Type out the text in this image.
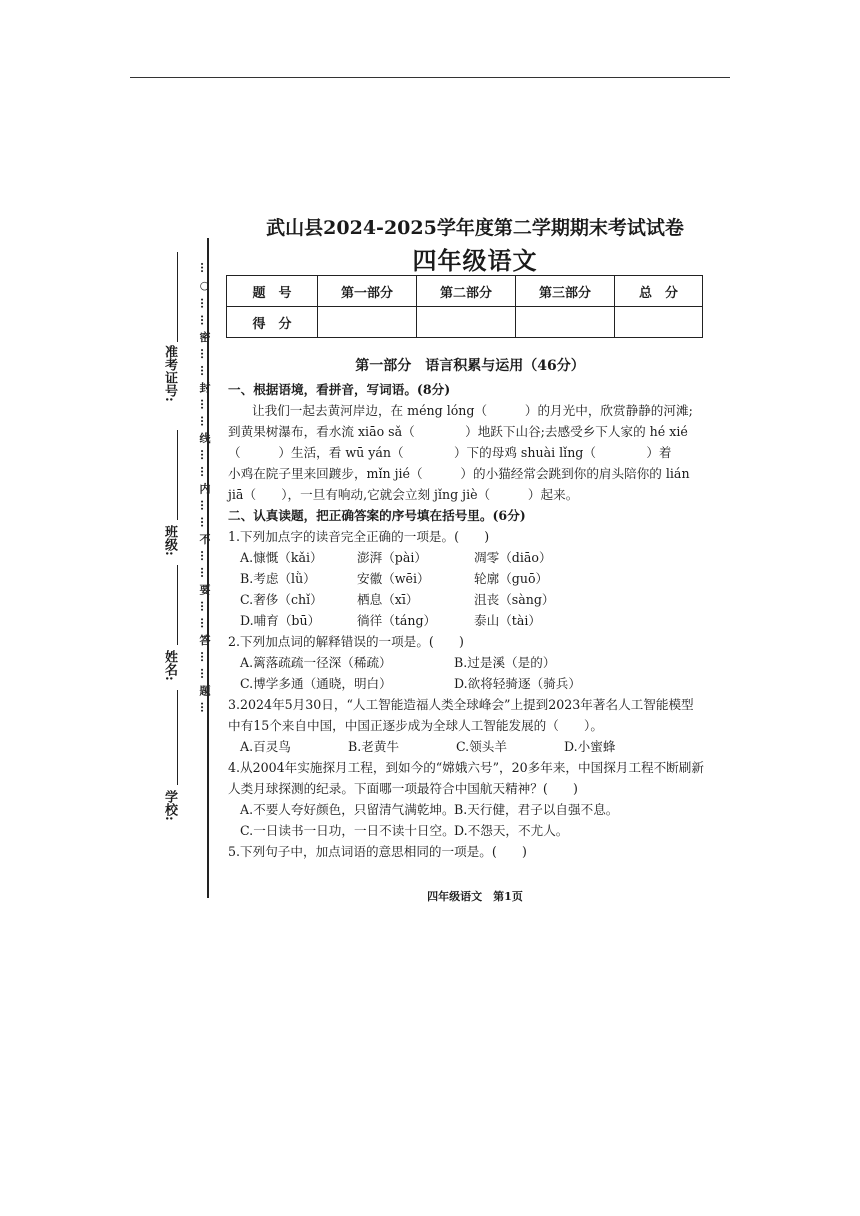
… ○ … … 密 … … 封 … … 线 … … 内 … … 不 … … 要 … … 答 … … 题 …
准考证号:
班级:
姓名:
学校:
武山县2024-2025学年度第二学期期末考试试卷
四年级语文
题　号	第一部分	第二部分	第三部分	总　分
得　分				

第一部分　语言积累与运用（46分）

一、根据语境，看拼音，写词语。(8分)

让我们一起去黄河岸边，在 méng lóng（　　　）的月光中，欣赏静静的河滩;

到黄果树瀑布，看水流 xiāo sǎ（　　　　）地跃下山谷;去感受乡下人家的 hé xié

（　　　）生活，看 wū yán（　　　　）下的母鸡 shuài lǐng（　　　　）着

小鸡在院子里来回踱步，mǐn jié（　　　）的小猫经常会跳到你的肩头陪你的 lián

jiā（　　），一旦有响动,它就会立刻 jǐng jiè（　　　）起来。

二、认真读题，把正确答案的序号填在括号里。(6分)

1.下列加点字的读音完全正确的一项是。(　　)

A.慷慨（kǎi）	澎湃（pài）	凋零（diāo）

B.考虑（lǜ）	安徽（wēi）	轮廓（guō）

C.奢侈（chǐ）	栖息（xī）	沮丧（sàng）

D.哺育（bū）	徜徉（táng）	泰山（tài）

2.下列加点词的解释错误的一项是。(　　)

A.篱落疏疏一径深（稀疏）	B.过是溪（是的）

C.博学多通（通晓，明白）	D.欲将轻骑逐（骑兵）

3.2024年5月30日，“人工智能造福人类全球峰会”上提到2023年著名人工智能模型

中有15个来自中国，中国正逐步成为全球人工智能发展的（　　）。

A.百灵鸟	B.老黄牛	C.领头羊	D.小蜜蜂

4.从2004年实施探月工程，到如今的“嫦娥六号”，20多年来，中国探月工程不断刷新

人类月球探测的纪录。下面哪一项最符合中国航天精神？(　　)

A.不要人夸好颜色，只留清气满乾坤。 B.天行健，君子以自强不息。

C.一日读书一日功，一日不读十日空。 D.不怨天，不尤人。

5.下列句子中，加点词语的意思相同的一项是。(　　)

四年级语文　第1页
